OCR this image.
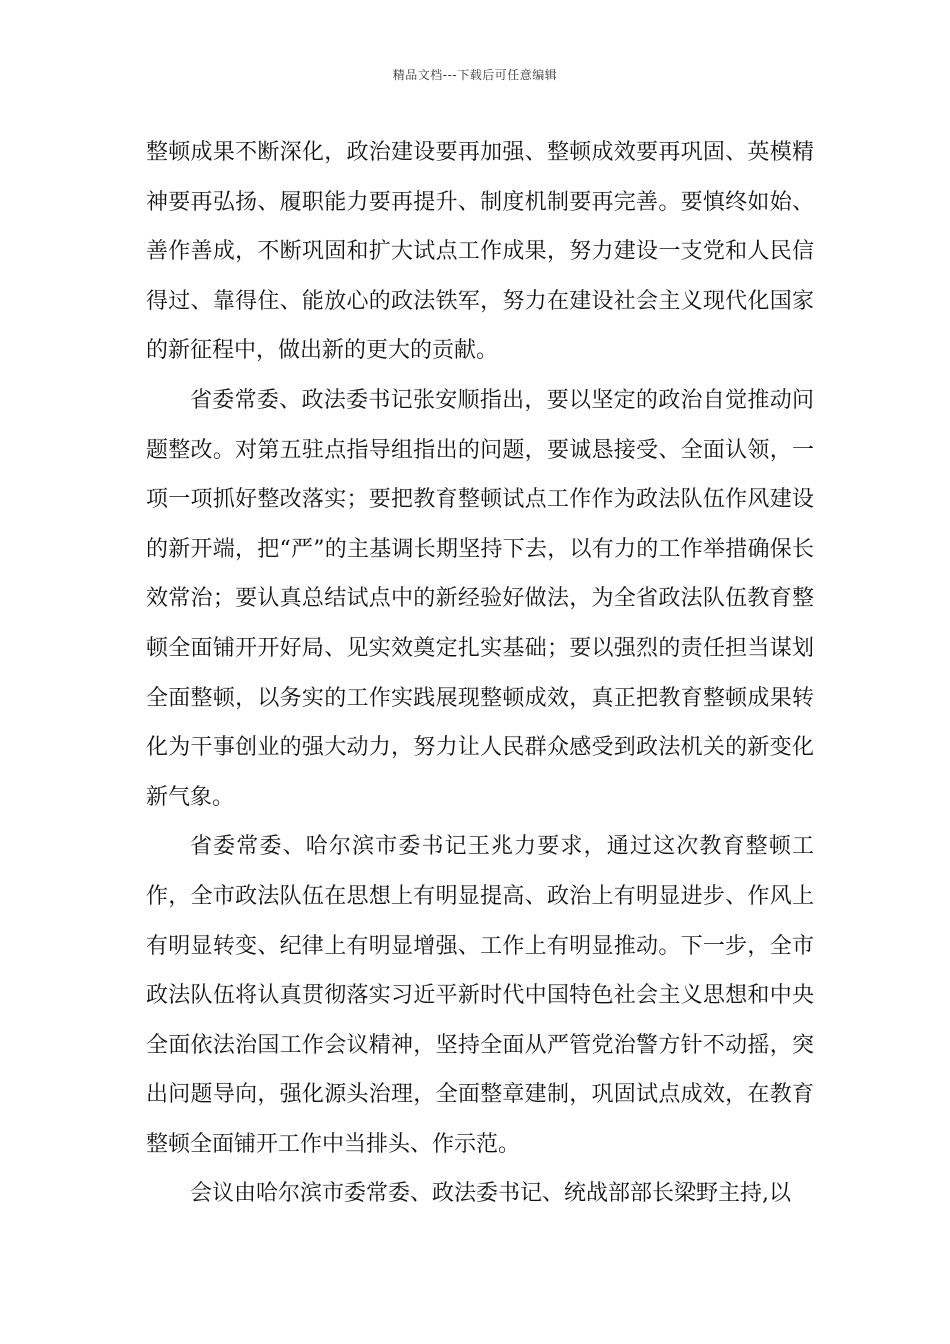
精品文档---下载后可任意编辑

整顿成果不断深化，政治建设要再加强、整顿成效要再巩固、英模精神要再弘扬、履职能力要再提升、制度机制要再完善。要慎终如始、善作善成，不断巩固和扩大试点工作成果，努力建设一支党和人民信得过、靠得住、能放心的政法铁军，努力在建设社会主义现代化国家的新征程中，做出新的更大的贡献。

省委常委、政法委书记张安顺指出，要以坚定的政治自觉推动问题整改。对第五驻点指导组指出的问题，要诚恳接受、全面认领，一项一项抓好整改落实；要把教育整顿试点工作作为政法队伍作风建设的新开端，把“严”的主基调长期坚持下去，以有力的工作举措确保长效常治；要认真总结试点中的新经验好做法，为全省政法队伍教育整顿全面铺开开好局、见实效奠定扎实基础；要以强烈的责任担当谋划全面整顿，以务实的工作实践展现整顿成效，真正把教育整顿成果转化为干事创业的强大动力，努力让人民群众感受到政法机关的新变化新气象。

省委常委、哈尔滨市委书记王兆力要求，通过这次教育整顿工作，全市政法队伍在思想上有明显提高、政治上有明显进步、作风上有明显转变、纪律上有明显增强、工作上有明显推动。下一步，全市政法队伍将认真贯彻落实习近平新时代中国特色社会主义思想和中央全面依法治国工作会议精神，坚持全面从严管党治警方针不动摇，突出问题导向，强化源头治理，全面整章建制，巩固试点成效，在教育整顿全面铺开工作中当排头、作示范。

会议由哈尔滨市委常委、政法委书记、统战部部长梁野主持,以
